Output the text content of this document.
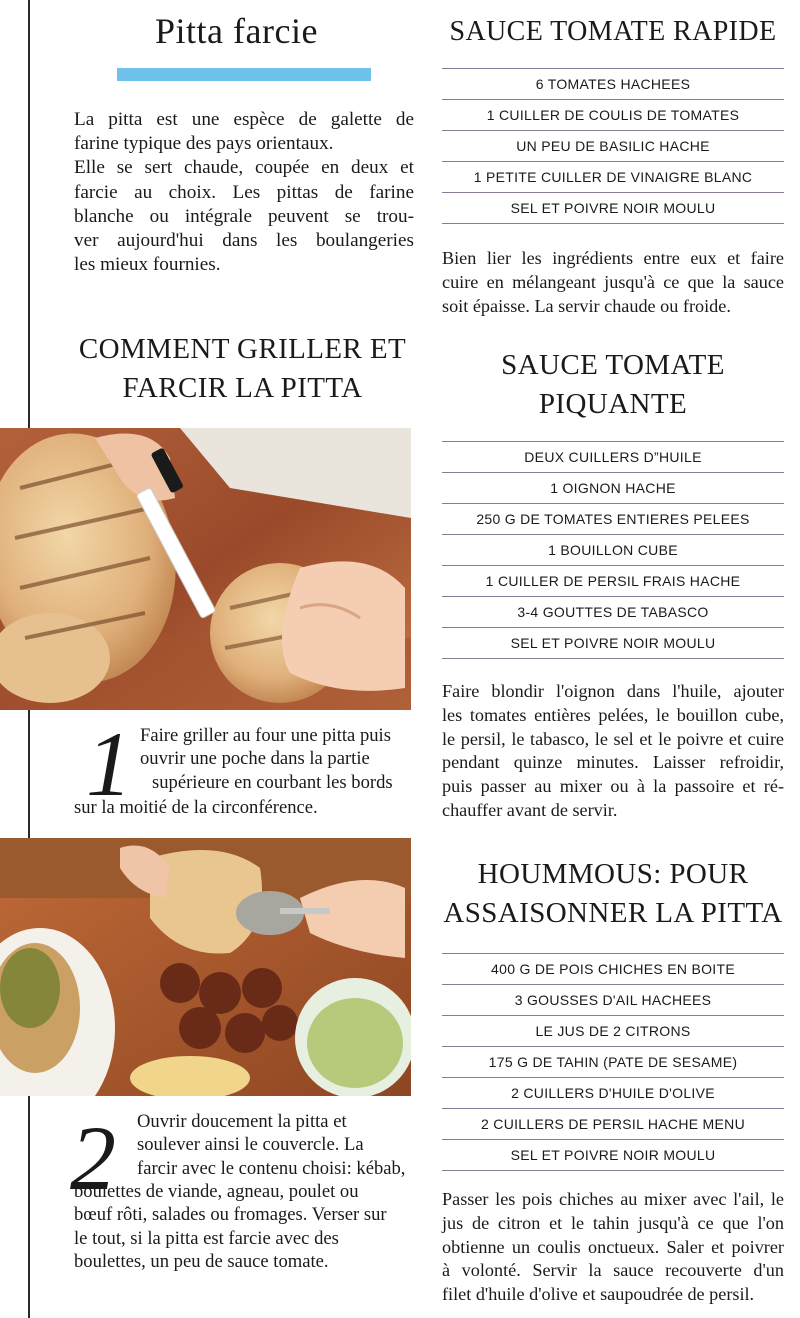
Pitta farcie
La pitta est une espèce de galette de
farine typique des pays orientaux.
Elle se sert chaude, coupée en deux et
farcie au choix. Les pittas de farine
blanche ou intégrale peuvent se trou-
ver aujourd'hui dans les boulangeries
les mieux fournies.
COMMENT GRILLER ET
FARCIR LA PITTA
1 Faire griller au four une pitta puis
ouvrir une poche dans la partie
supérieure en courbant les bords
sur la moitié de la circonférence.
2 Ouvrir doucement la pitta et
soulever ainsi le couvercle. La
farcir avec le contenu choisi: kébab,
boulettes de viande, agneau, poulet ou
bœuf rôti, salades ou fromages. Verser sur
le tout, si la pitta est farcie avec des
boulettes, un peu de sauce tomate.
SAUCE TOMATE RAPIDE
6 TOMATES HACHEES
1 CUILLER DE COULIS DE TOMATES
UN PEU DE BASILIC HACHE
1 PETITE CUILLER DE VINAIGRE BLANC
SEL ET POIVRE NOIR MOULU
Bien lier les ingrédients entre eux et faire
cuire en mélangeant jusqu'à ce que la sauce
soit épaisse. La servir chaude ou froide.
SAUCE TOMATE
PIQUANTE
DEUX CUILLERS D”HUILE
1 OIGNON HACHE
250 G DE TOMATES ENTIERES PELEES
1 BOUILLON CUBE
1 CUILLER DE PERSIL FRAIS HACHE
3-4 GOUTTES DE TABASCO
SEL ET POIVRE NOIR MOULU
Faire blondir l'oignon dans l'huile, ajouter
les tomates entières pelées, le bouillon cube,
le persil, le tabasco, le sel et le poivre et cuire
pendant quinze minutes. Laisser refroidir,
puis passer au mixer ou à la passoire et ré-
chauffer avant de servir.
HOUMMOUS: POUR
ASSAISONNER LA PITTA
400 G DE POIS CHICHES EN BOITE
3 GOUSSES D'AIL HACHEES
LE JUS DE 2 CITRONS
175 G DE TAHIN (PATE DE SESAME)
2 CUILLERS D'HUILE D'OLIVE
2 CUILLERS DE PERSIL HACHE MENU
SEL ET POIVRE NOIR MOULU
Passer les pois chiches au mixer avec l'ail, le
jus de citron et le tahin jusqu'à ce que l'on
obtienne un coulis onctueux. Saler et poivrer
à volonté. Servir la sauce recouverte d'un
filet d'huile d'olive et saupoudrée de persil.
